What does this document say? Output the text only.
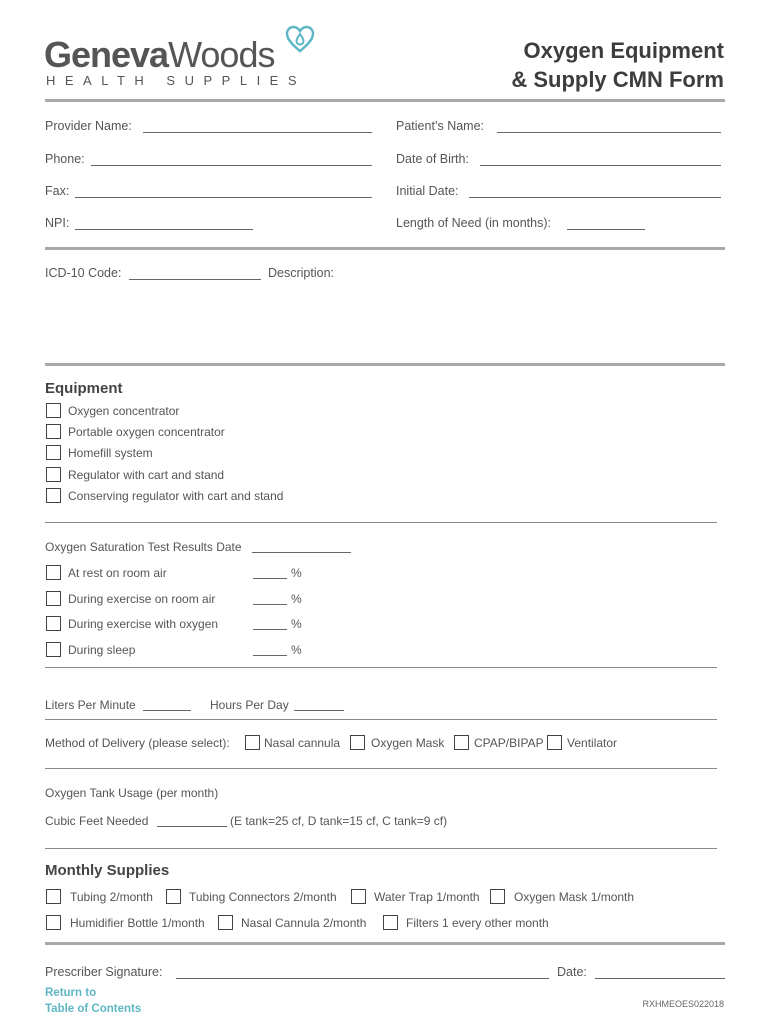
GenevaWoods
HEALTH SUPPLIES
Oxygen Equipment
& Supply CMN Form
Provider Name:	Patient’s Name:
Phone:	Date of Birth:
Fax:	Initial Date:
NPI:	Length of Need (in months):
ICD-10 Code:	Description:
Equipment
Oxygen concentrator
Portable oxygen concentrator
Homefill system
Regulator with cart and stand
Conserving regulator with cart and stand
Oxygen Saturation Test Results Date
At rest on room air	%
During exercise on room air	%
During exercise with oxygen	%
During sleep	%
Liters Per Minute	Hours Per Day
Method of Delivery (please select):	Nasal cannula	Oxygen Mask CPAP/BIPAP Ventilator
Oxygen Tank Usage (per month)
Cubic Feet Needed	(E tank=25 cf, D tank=15 cf, C tank=9 cf)
Monthly Supplies
Tubing 2/month	Tubing Connectors 2/month	Water Trap 1/month	Oxygen Mask 1/month
Humidifier Bottle 1/month	Nasal Cannula 2/month	Filters 1 every other month
Prescriber Signature:	Date:
Return to
Table of Contents	RXHMEOES022018
